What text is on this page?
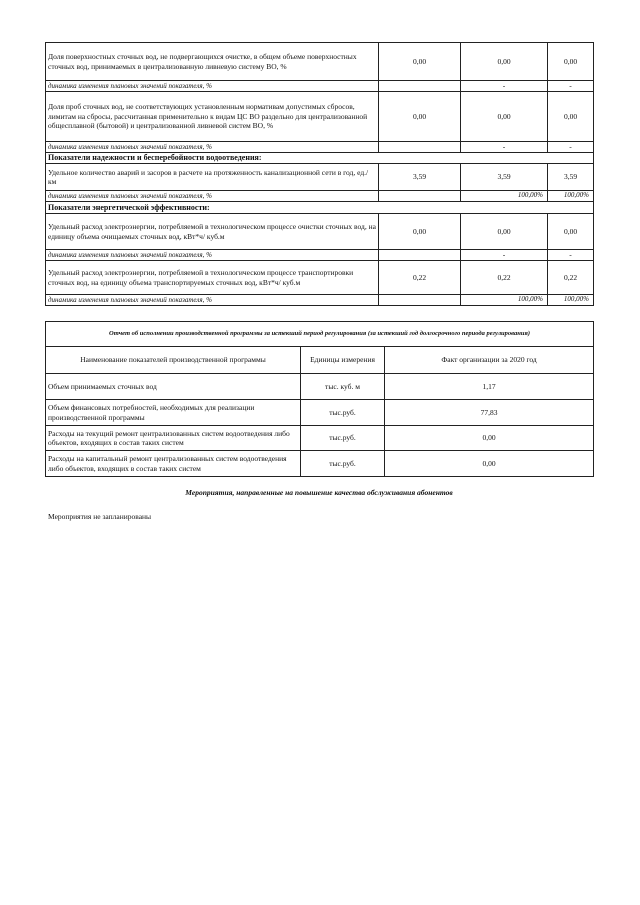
Доля поверхностных сточных вод, не подвергающихся очистке, в общем объеме поверхностных сточных вод, принимаемых в централизованную ливневую систему ВО, %	0,00	0,00	0,00
динамика изменения плановых значений показателя, %		-	-
Доля проб сточных вод, не соответствующих установленным нормативам допустимых сбросов, лимитам на сбросы, рассчитанная применительно к видам ЦС ВО раздельно для централизованной общесплавной (бытовой) и централизованной ливневой систем ВО, %	0,00	0,00	0,00
динамика изменения плановых значений показателя, %		-	-
Показатели надежности и бесперебойности водоотведения:			
Удельное количество аварий и засоров в расчете на протяженность канализационной сети в год, ед./км	3,59	3,59	3,59
динамика изменения плановых значений показателя, %		100,00%	100,00%
Показатели энергетической эффективности:			
Удельный расход электроэнергии, потребляемой в технологическом процессе очистки сточных вод, на единицу объема очищаемых сточных вод, кВт*ч/ куб.м	0,00	0,00	0,00
динамика изменения плановых значений показателя, %		-	-
Удельный расход электроэнергии, потребляемой в технологическом процессе транспортировки сточных вод, на единицу объема транспортируемых сточных вод, кВт*ч/ куб.м	0,22	0,22	0,22
динамика изменения плановых значений показателя, %		100,00%	100,00%
Отчет об исполнении производственной программы за истекший период регулирования (за истекший год долгосрочного периода регулирования)		
Наименование показателей производственной программы	Единицы измерения	Факт организации за 2020 год
Объем принимаемых сточных вод	тыс. куб. м	1,17
Объем финансовых потребностей, необходимых для реализации производственной программы	тыс.руб.	77,83
Расходы на текущий ремонт централизованных систем водоотведения либо объектов, входящих в состав таких систем	тыс.руб.	0,00
Расходы на капитальный ремонт централизованных систем водоотведения либо объектов, входящих в состав таких систем	тыс.руб.	0,00
Мероприятия, направленные на повышение качества обслуживания абонентов
Мероприятия не запланированы
